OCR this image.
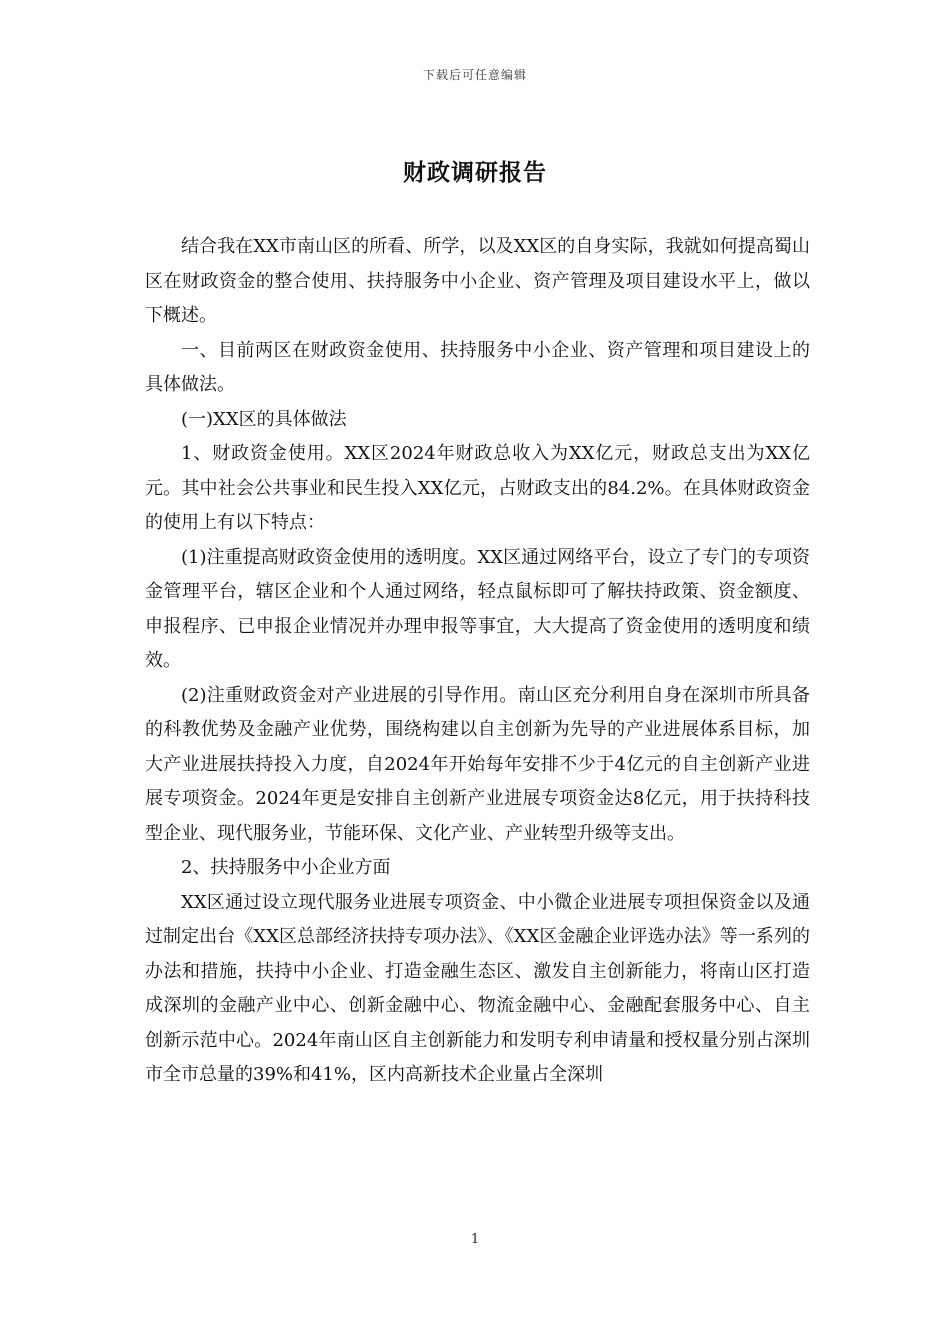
下载后可任意编辑
财政调研报告

结合我在XX市南山区的所看、所学，以及XX区的自身实际，我就如何提高蜀山区在财政资金的整合使用、扶持服务中小企业、资产管理及项目建设水平上，做以下概述。

一、目前两区在财政资金使用、扶持服务中小企业、资产管理和项目建设上的具体做法。

(一)XX区的具体做法

1、财政资金使用。XX区2024年财政总收入为XX亿元，财政总支出为XX亿元。其中社会公共事业和民生投入XX亿元，占财政支出的84.2%。在具体财政资金的使用上有以下特点：

(1)注重提高财政资金使用的透明度。XX区通过网络平台，设立了专门的专项资金管理平台，辖区企业和个人通过网络，轻点鼠标即可了解扶持政策、资金额度、申报程序、已申报企业情况并办理申报等事宜，大大提高了资金使用的透明度和绩效。

(2)注重财政资金对产业进展的引导作用。南山区充分利用自身在深圳市所具备的科教优势及金融产业优势，围绕构建以自主创新为先导的产业进展体系目标，加大产业进展扶持投入力度，自2024年开始每年安排不少于4亿元的自主创新产业进展专项资金。2024年更是安排自主创新产业进展专项资金达8亿元，用于扶持科技型企业、现代服务业，节能环保、文化产业、产业转型升级等支出。

2、扶持服务中小企业方面

XX区通过设立现代服务业进展专项资金、中小微企业进展专项担保资金以及通过制定出台《XX区总部经济扶持专项办法》、《XX区金融企业评选办法》等一系列的办法和措施，扶持中小企业、打造金融生态区、激发自主创新能力，将南山区打造成深圳的金融产业中心、创新金融中心、物流金融中心、金融配套服务中心、自主创新示范中心。2024年南山区自主创新能力和发明专利申请量和授权量分别占深圳市全市总量的39%和41%，区内高新技术企业量占全深圳

1
